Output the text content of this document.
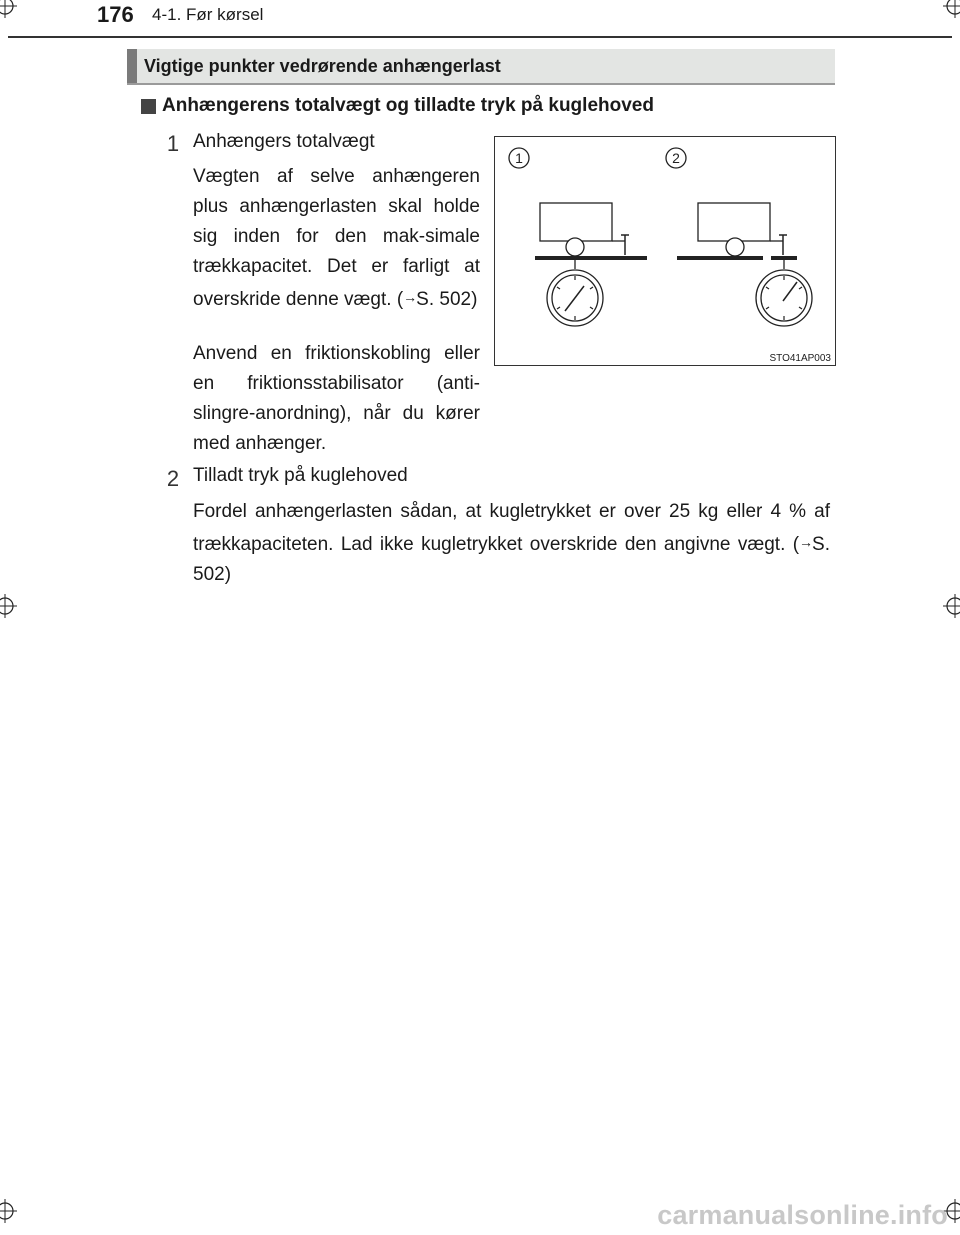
176 4-1. Før kørsel
Vigtige punkter vedrørende anhængerlast
Anhængerens totalvægt og tilladte tryk på kuglehoved
1 Anhængers totalvægt
Vægten af selve anhængeren plus anhængerlasten skal holde sig inden for den mak-simale trækkapacitet. Det er farligt at overskride denne vægt. (→S. 502)
Anvend en friktionskobling eller en friktionsstabilisator (anti-slingre-anordning), når du kører med anhænger.
2 Tilladt tryk på kuglehoved
Fordel anhængerlasten sådan, at kugletrykket er over 25 kg eller 4 % af trækkapaciteten. Lad ikke kugletrykket overskride den angivne vægt. (→S. 502)
1	2
STO41AP003
carmanualsonline.info
